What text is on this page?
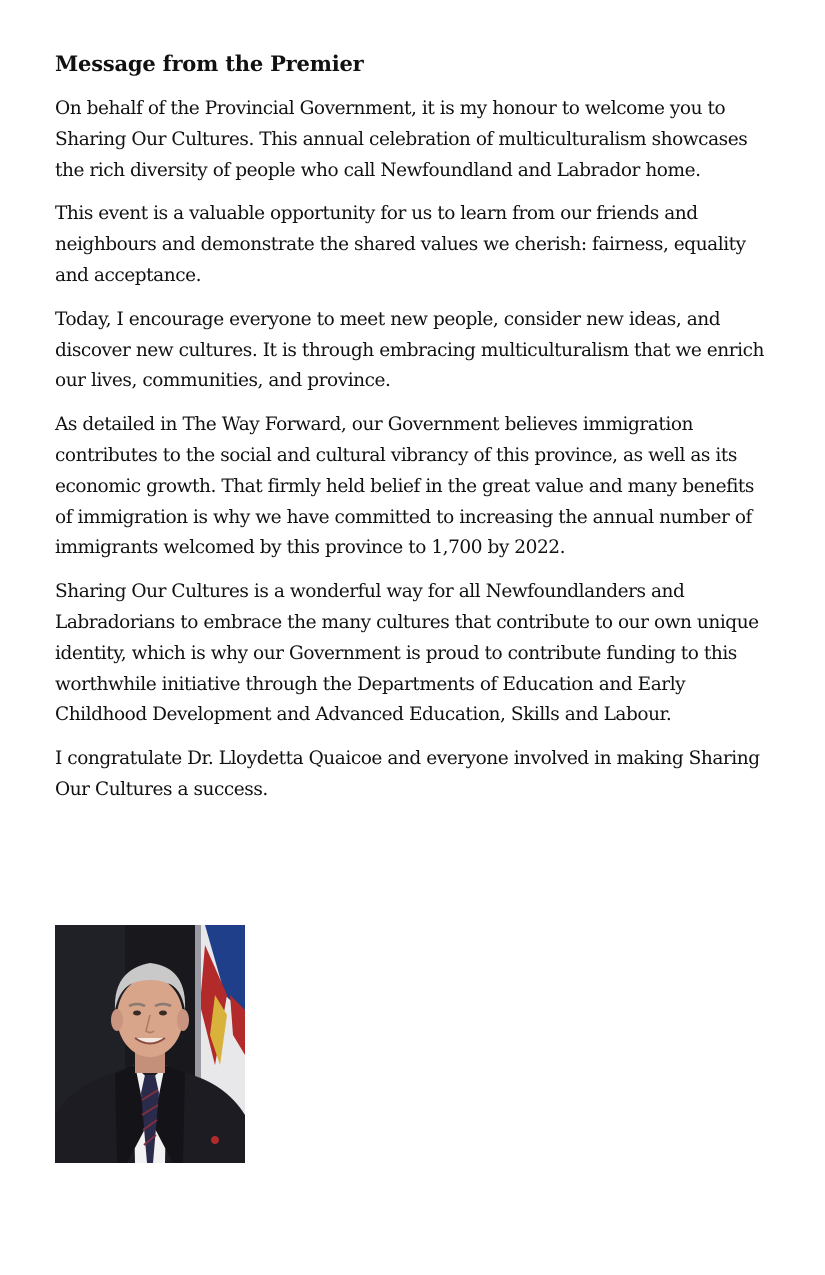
Message from the Premier

On behalf of the Provincial Government, it is my honour to welcome you to Sharing Our Cultures. This annual celebration of multiculturalism showcases the rich diversity of people who call Newfoundland and Labrador home.

This event is a valuable opportunity for us to learn from our friends and neighbours and demonstrate the shared values we cherish: fairness, equality and acceptance.

Today, I encourage everyone to meet new people, consider new ideas, and discover new cultures. It is through embracing multiculturalism that we enrich our lives, communities, and province.

As detailed in The Way Forward, our Government believes immigration contributes to the social and cultural vibrancy of this province, as well as its economic growth. That firmly held belief in the great value and many benefits of immigration is why we have committed to increasing the annual number of immigrants welcomed by this province to 1,700 by 2022.

Sharing Our Cultures is a wonderful way for all Newfoundlanders and Labradorians to embrace the many cultures that contribute to our own unique identity, which is why our Government is proud to contribute funding to this worthwhile initiative through the Departments of Education and Early Childhood Development and Advanced Education, Skills and Labour.

I congratulate Dr. Lloydetta Quaicoe and everyone involved in making Sharing Our Cultures a success.
